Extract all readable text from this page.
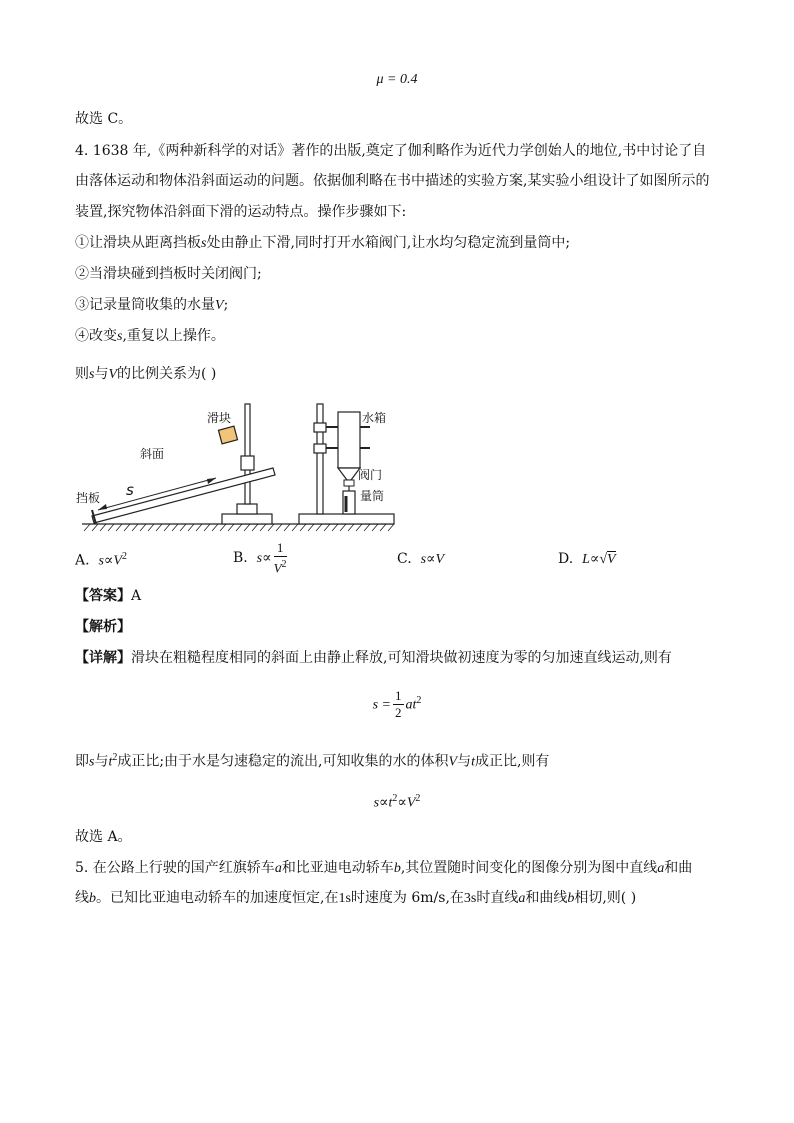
μ = 0.4
故选 C。
4. 1638 年,《两种新科学的对话》著作的出版,奠定了伽利略作为近代力学创始人的地位,书中讨论了自
由落体运动和物体沿斜面运动的问题。依据伽利略在书中描述的实验方案,某实验小组设计了如图所示的
装置,探究物体沿斜面下滑的运动特点。操作步骤如下:
①让滑块从距离挡板s处由静止下滑,同时打开水箱阀门,让水均匀稳定流到量筒中;
②当滑块碰到挡板时关闭阀门;
③记录量筒收集的水量V;
④改变s,重复以上操作。
则s与V的比例关系为( )
滑块
斜面
s
挡板
水箱
阀门
量筒
A. $s\propto V^2$	B. $s\propto \frac{1}{V^2}$	C. s∝V	D. L∝√V
【答案】A
【解析】
【详解】滑块在粗糙程度相同的斜面上由静止释放,可知滑块做初速度为零的匀加速直线运动,则有
$s = \frac{1}{2} at^2$
即s与$t^2$成正比;由于水是匀速稳定的流出,可知收集的水的体积V与t成正比,则有
$s\propto t^2\propto V^2$
故选 A。
5. 在公路上行驶的国产红旗轿车a和比亚迪电动轿车b,其位置随时间变化的图像分别为图中直线a和曲
线b。已知比亚迪电动轿车的加速度恒定,在1s时速度为 6m/s,在3s时直线a和曲线b相切,则( )
